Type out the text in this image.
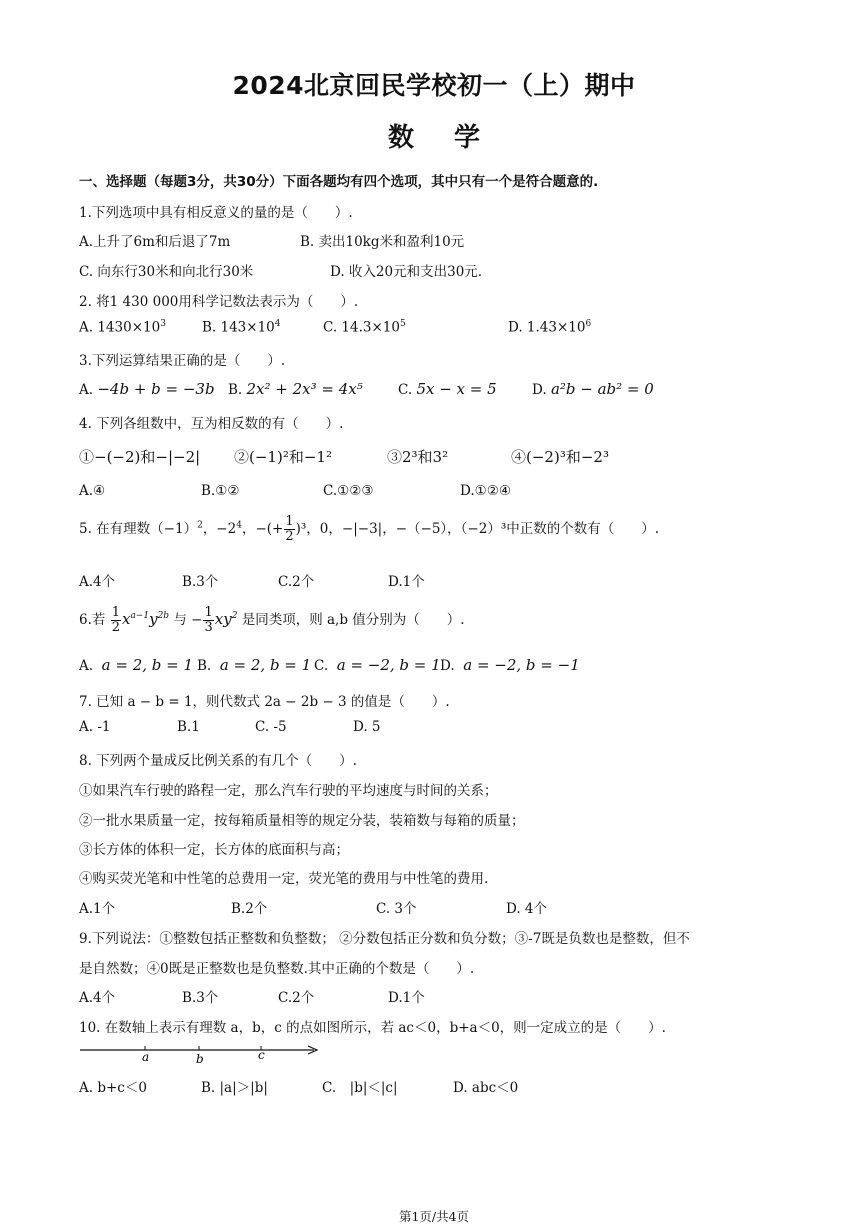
2024北京回民学校初一（上）期中
数学
一、选择题（每题3分，共30分）下面各题均有四个选项，其中只有一个是符合题意的.
1.下列选项中具有相反意义的量的是（　　）.
A.上升了6m和后退了7m	B. 卖出10kg米和盈利10元
C. 向东行30米和向北行30米	D. 收入20元和支出30元.
2. 将1 430 000用科学记数法表示为（　　）.
A. $1430\times 10^3$	B. $143\times 10^4$	C. $14.3\times 10^5$	D. $1.43\times 10^6$
3.下列运算结果正确的是（　　）.
A. −4b + b = −3b B. 2x² + 2x³ = 4x⁵	C. 5x − x = 5	D. a²b − ab² = 0
4. 下列各组数中，互为相反数的有（　　）.
①−(−2)和−|−2| ②(−1)²和−1²	③2³和3²	④(−2)³和−2³
A.④	B.①②	C.①②③	D.①②④
5. 在有理数$(-1)^2$，$-2^4$，−(+ $\frac{1}{2} )^3$，0，−|−3|，−（−5），（−2）³中正数的个数有（　　）.
A.4个	B.3个	C.2个	D.1个
6.若 $\frac{1}{2} x^{a-1}y^{2b}$ 与 − $\frac{1}{3} xy^2$ 是同类项，则 a,b 值分别为（　　）.
A. a = 2, b = 1 B. a = 2, b = 1 C. a = −2, b = 1 D. a = −2, b = −1
7. 已知 a − b = 1，则代数式 2a − 2b − 3 的值是（　　）.
A. -1	B.1	C. -5	D. 5
8. 下列两个量成反比例关系的有几个（　　）.
①如果汽车行驶的路程一定，那么汽车行驶的平均速度与时间的关系；
②一批水果质量一定，按每箱质量相等的规定分装，装箱数与每箱的质量；
③长方体的体积一定，长方体的底面积与高；
④购买荧光笔和中性笔的总费用一定，荧光笔的费用与中性笔的费用.
A.1个	B.2个	C. 3个	D. 4个
9.下列说法：①整数包括正整数和负整数； ②分数包括正分数和负分数；③-7既是负数也是整数，但不
是自然数；④0既是正整数也是负整数.其中正确的个数是（　　）.
A.4个	B.3个	C.2个	D.1个
10. 在数轴上表示有理数 a，b，c 的点如图所示，若 ac＜0，b+a＜0，则一定成立的是（　　）.
a	b	c
A. b+c＜0	B. |a|＞|b|	C.　|b|＜|c|	D. abc＜0
第1页/共4页
